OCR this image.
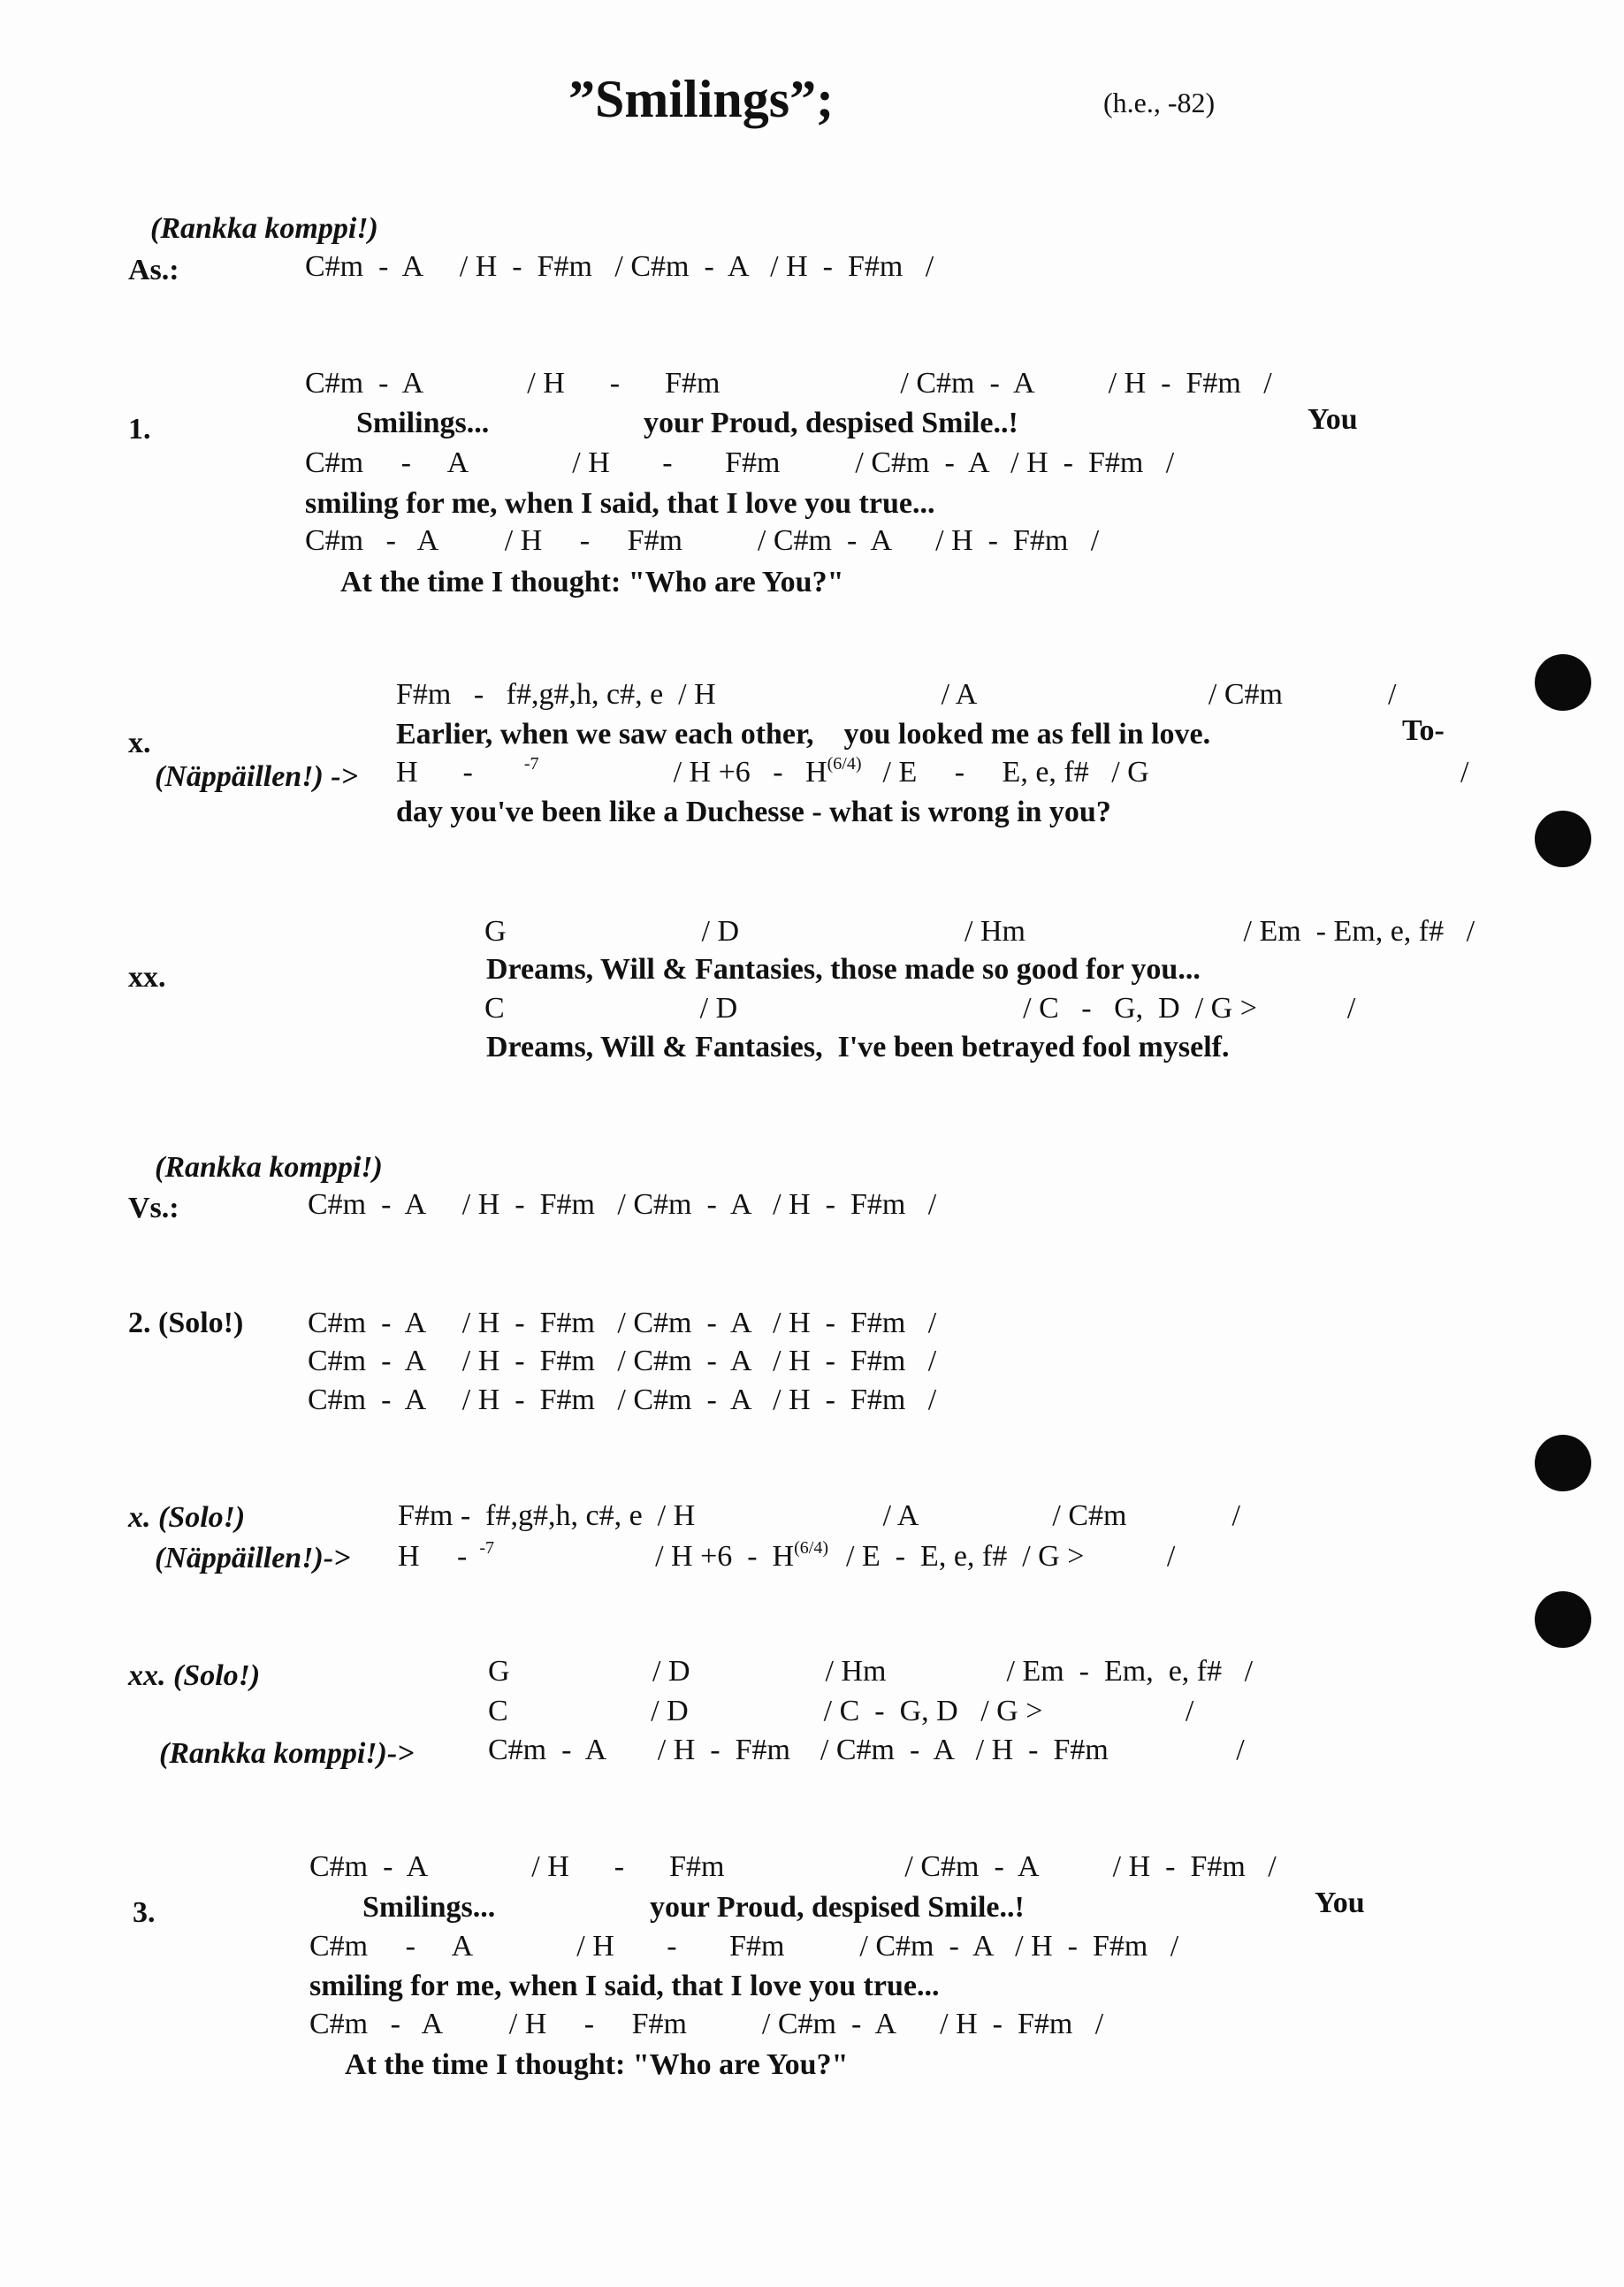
”Smilings”;	(h.e., -82)
(Rankka komppi!)
As.:	C#m  -  A     / H  -  F#m   / C#m  -  A   / H  -  F#m   /
1.
C#m  -  A              / H      -      F#m                        / C#m  -  A          / H  -  F#m   /
Smilings...	your Proud, despised Smile..!	You
C#m     -     A              / H       -       F#m          / C#m  -  A   / H  -  F#m   /
smiling for me, when I said, that I love you true...
C#m   -   A         / H     -     F#m          / C#m  -  A      / H  -  F#m   /
At the time I thought: "Who are You?"
x.
(Näppäillen!) ->
F#m   -   f#,g#,h, c#, e  / H                              / A                               / C#m              /
Earlier, when we saw each other,    you looked me as fell in love.	To-
H      -	$^{-7}$	/ $H +6 - H^{(6/4)} / E$     -     E, e, f#   / G	/
day you've been like a Duchesse - what is wrong in you?
xx.
G                          / D                              / Hm                             / Em  - Em, e, f#   /
Dreams, Will & Fantasies, those made so good for you...
C                          / D                                      / C   -   G,  D  / G >            /
Dreams, Will & Fantasies,  I've been betrayed fool myself.
(Rankka komppi!)
Vs.:	C#m  -  A     / H  -  F#m   / C#m  -  A   / H  -  F#m   /
2. (Solo!) C#m  -  A     / H  -  F#m   / C#m  -  A   / H  -  F#m   /
C#m  -  A     / H  -  F#m   / C#m  -  A   / H  -  F#m   /
C#m  -  A     / H  -  F#m   / C#m  -  A   / H  -  F#m   /
x. (Solo!)
(Näppäillen!)->
F#m -  f#,g#,h, c#, e  / H                         / A                  / C#m              /
H     - $^{-7}$	/ $H +6 - H^{(6/4)} / E - E$, e, f#  / G >           /
xx. (Solo!)
(Rankka komppi!)->
G                   / D                  / Hm                / Em  -  Em,  e, f#   /
C                   / D                  / C  -  G, D   / G >                   /
C#m  -  A       / H  -  F#m    / C#m  -  A   / H  -  F#m                 /
3.
C#m  -  A              / H      -      F#m                        / C#m  -  A          / H  -  F#m   /
Smilings...	your Proud, despised Smile..!	You
C#m     -     A              / H       -       F#m          / C#m  -  A   / H  -  F#m   /
smiling for me, when I said, that I love you true...
C#m   -   A         / H     -     F#m          / C#m  -  A      / H  -  F#m   /
At the time I thought: "Who are You?"
